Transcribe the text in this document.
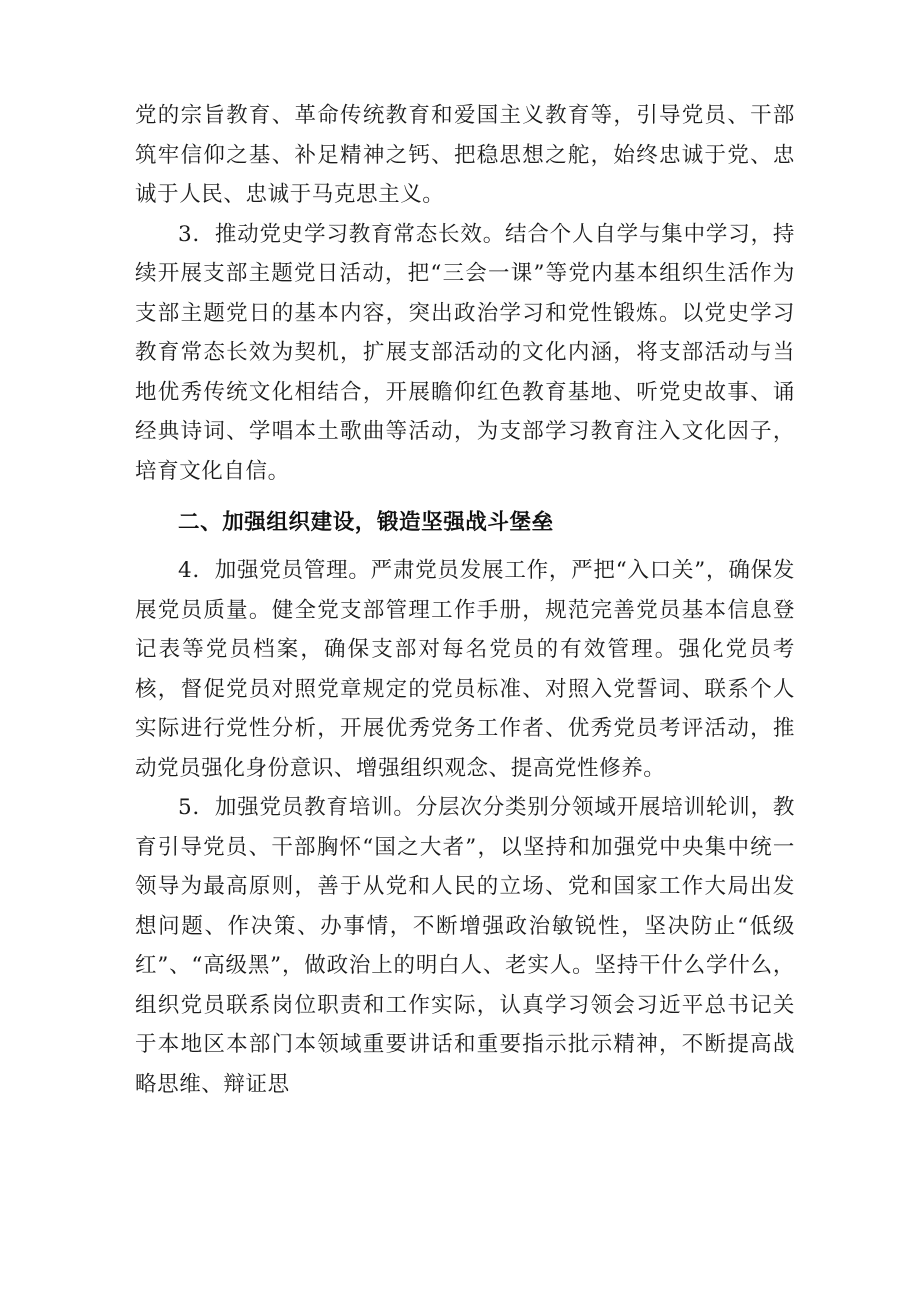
党的宗旨教育、革命传统教育和爱国主义教育等，引导党员、干部筑牢信仰之基、补足精神之钙、把稳思想之舵，始终忠诚于党、忠诚于人民、忠诚于马克思主义。

3．推动党史学习教育常态长效。结合个人自学与集中学习，持续开展支部主题党日活动，把“三会一课”等党内基本组织生活作为支部主题党日的基本内容，突出政治学习和党性锻炼。以党史学习教育常态长效为契机，扩展支部活动的文化内涵，将支部活动与当地优秀传统文化相结合，开展瞻仰红色教育基地、听党史故事、诵经典诗词、学唱本土歌曲等活动，为支部学习教育注入文化因子，培育文化自信。

二、加强组织建设，锻造坚强战斗堡垒

4．加强党员管理。严肃党员发展工作，严把“入口关”，确保发展党员质量。健全党支部管理工作手册，规范完善党员基本信息登记表等党员档案，确保支部对每名党员的有效管理。强化党员考核，督促党员对照党章规定的党员标准、对照入党誓词、联系个人实际进行党性分析，开展优秀党务工作者、优秀党员考评活动，推动党员强化身份意识、增强组织观念、提高党性修养。

5．加强党员教育培训。分层次分类别分领域开展培训轮训，教育引导党员、干部胸怀“国之大者”，以坚持和加强党中央集中统一领导为最高原则，善于从党和人民的立场、党和国家工作大局出发想问题、作决策、办事情，不断增强政治敏锐性，坚决防止“低级红”、“高级黑”，做政治上的明白人、老实人。坚持干什么学什么，组织党员联系岗位职责和工作实际，认真学习领会习近平总书记关于本地区本部门本领域重要讲话和重要指示批示精神，不断提高战略思维、辩证思
